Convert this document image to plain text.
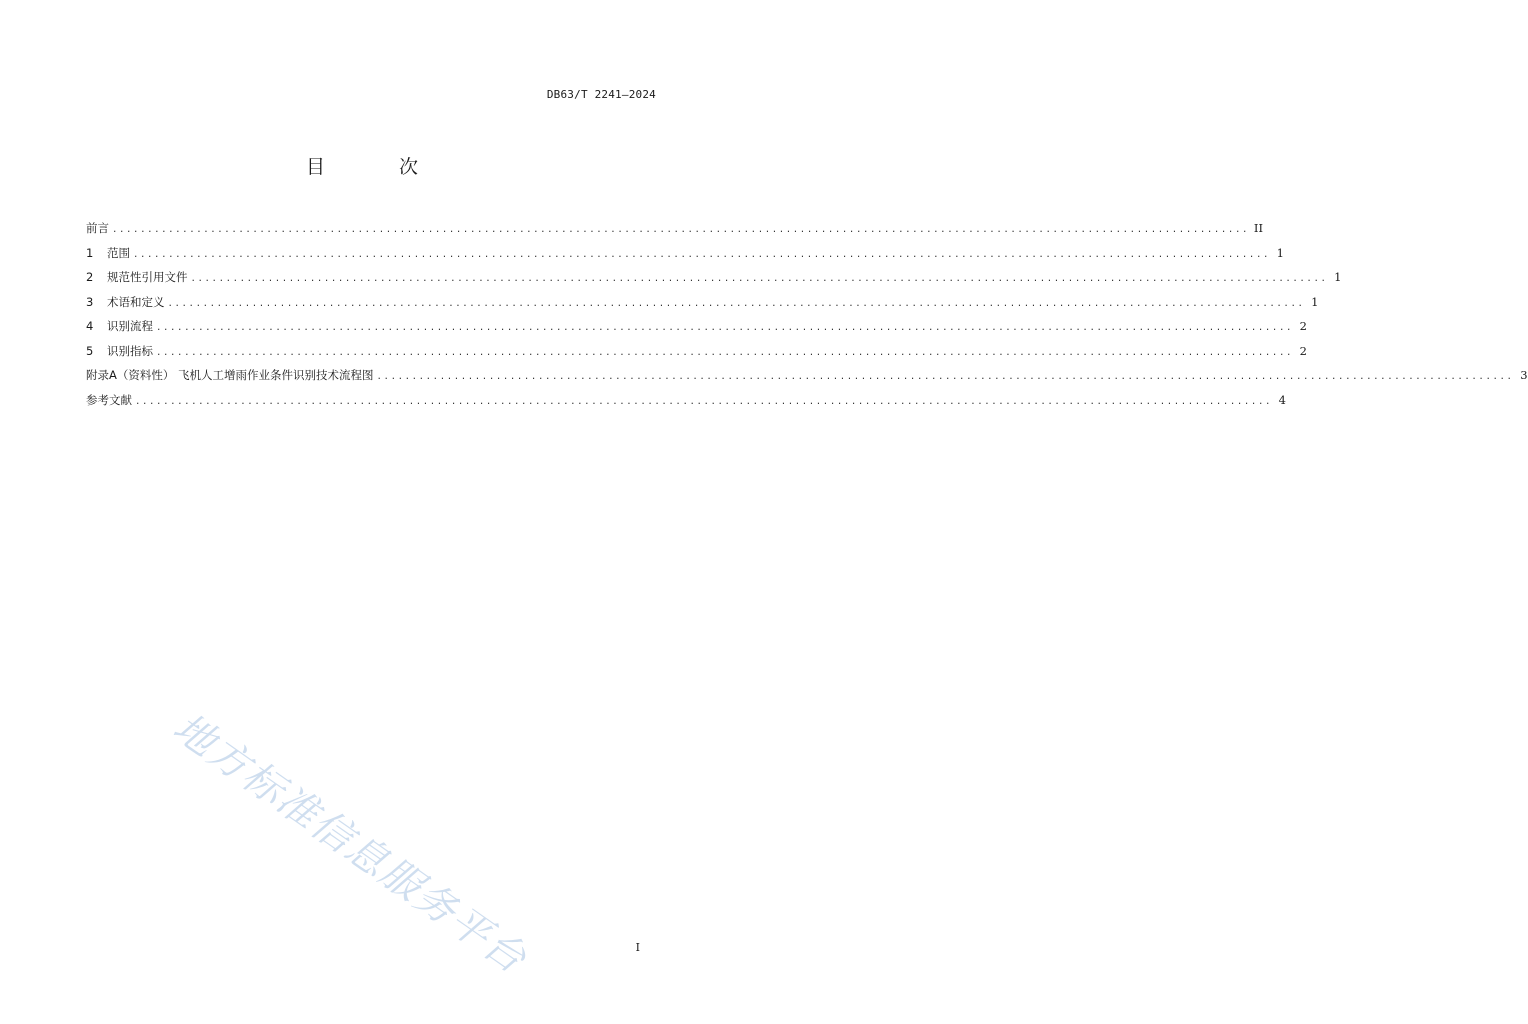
DB63/T 2241—2024
目 次
前言 .................................................................................................................................................................. II
1	范围 .................................................................................................................................................................. 1
2	规范性引用文件 .................................................................................................................................................................. 1
3	术语和定义 .................................................................................................................................................................. 1
4	识别流程 .................................................................................................................................................................. 2
5	识别指标 .................................................................................................................................................................. 2
附录A（资料性） 飞机人工增雨作业条件识别技术流程图 .................................................................................................................................................................. 3
参考文献 .................................................................................................................................................................. 4
地方标准信息服务平台	I
